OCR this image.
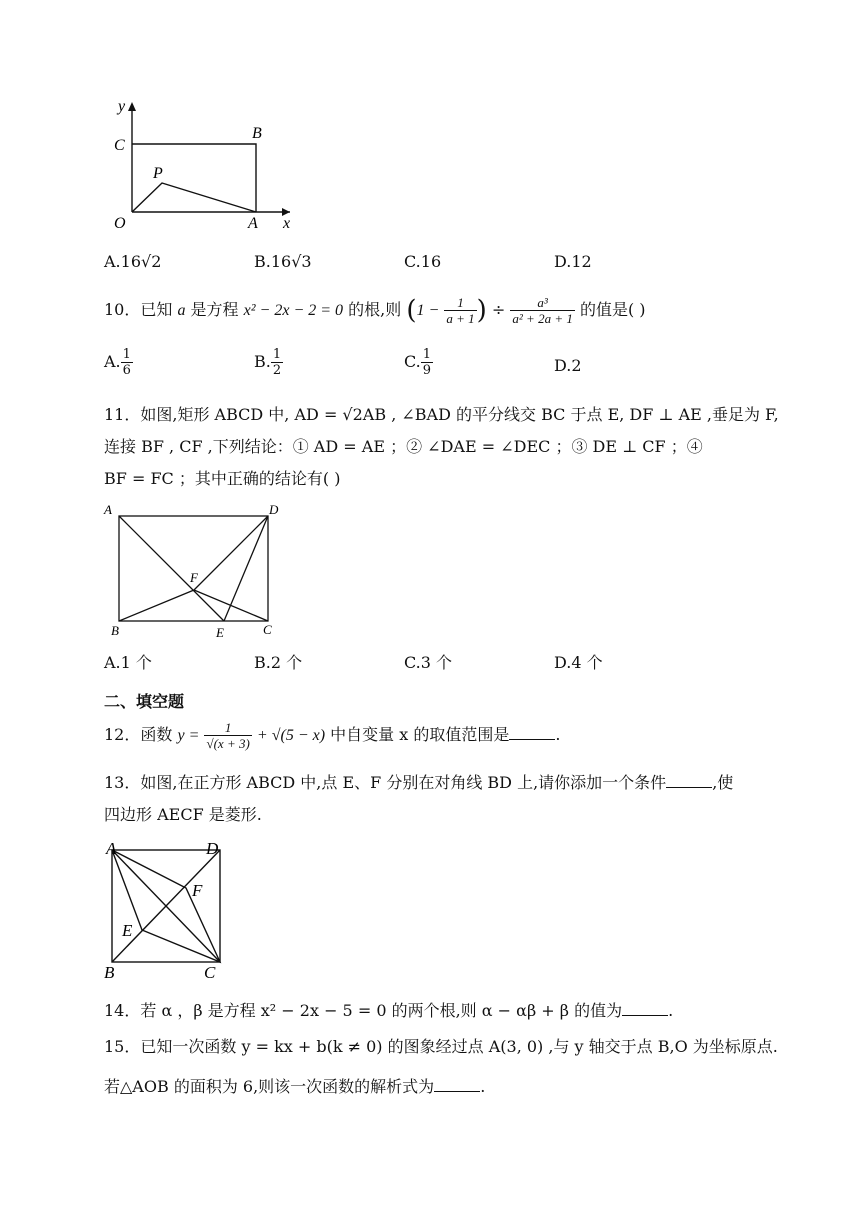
y
x
C
B
P
O	A
A.16√2	B.16√3	C.16	D.12
10．已知 a 是方程 x² − 2x − 2 = 0 的根,则 ($1 - \frac{1}{a + 1}$ ) ÷ $\frac{\text{a³}}{\text{a² + 2a + 1}}$ 的值是( )
A. $\frac{1}{6}$	B. $\frac{1}{2}$	C. $\frac{1}{9}$	D.2
11．如图,矩形 ABCD 中, AD = √2AB , ∠BAD 的平分线交 BC 于点 E, DF ⊥ AE ,垂足为 F,
连接 BF , CF ,下列结论：① AD = AE ；② ∠DAE = ∠DEC ；③ DE ⊥ CF ；④
BF = FC ；其中正确的结论有( )
A	D
F
B	E	C
A.1 个	B.2 个	C.3 个	D.4 个
二、填空题
12．函数 $y = \frac{1}{√(x + 3)} + √(5 - x)$ 中自变量 x 的取值范围是	.
13．如图,在正方形 ABCD 中,点 E、F 分别在对角线 BD 上,请你添加一个条件	,使
四边形 AECF 是菱形.
A	D
F
E
B	C
14．若 α ，β 是方程 x² − 2x − 5 = 0 的两个根,则 α − αβ + β 的值为	.
15．已知一次函数 y = kx + b(k ≠ 0) 的图象经过点 A(3, 0) ,与 y 轴交于点 B,O 为坐标原点.
若△AOB 的面积为 6,则该一次函数的解析式为	.
